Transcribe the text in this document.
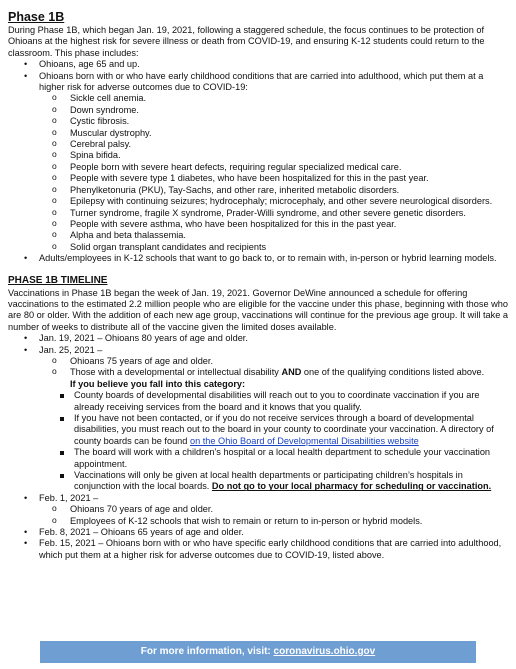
Phase 1B

During Phase 1B, which began Jan. 19, 2021, following a staggered schedule, the focus continues to be protection of Ohioans at the highest risk for severe illness or death from COVID-19, and ensuring K-12 students could return to the classroom. This phase includes:

• Ohioans, age 65 and up.
• Ohioans born with or who have early childhood conditions that are carried into adulthood, which put them at a higher risk for adverse outcomes due to COVID-19:
o Sickle cell anemia.
o Down syndrome.
o Cystic fibrosis.
o Muscular dystrophy.
o Cerebral palsy.
o Spina bifida.
o People born with severe heart defects, requiring regular specialized medical care.
o People with severe type 1 diabetes, who have been hospitalized for this in the past year.
o Phenylketonuria (PKU), Tay-Sachs, and other rare, inherited metabolic disorders.
o Epilepsy with continuing seizures; hydrocephaly; microcephaly, and other severe neurological disorders.
o Turner syndrome, fragile X syndrome, Prader-Willi syndrome, and other severe genetic disorders.
o People with severe asthma, who have been hospitalized for this in the past year.
o Alpha and beta thalassemia.
o Solid organ transplant candidates and recipients
• Adults/employees in K-12 schools that want to go back to, or to remain with, in-person or hybrid learning models.
PHASE 1B TIMELINE

Vaccinations in Phase 1B began the week of Jan. 19, 2021. Governor DeWine announced a schedule for offering vaccinations to the estimated 2.2 million people who are eligible for the vaccine under this phase, beginning with those who are 80 or older. With the addition of each new age group, vaccinations will continue for the previous age group. It will take a number of weeks to distribute all of the vaccine given the limited doses available.

• Jan. 19, 2021 – Ohioans 80 years of age and older.
• Jan. 25, 2021 –
o Ohioans 75 years of age and older.
o Those with a developmental or intellectual disability AND one of the qualifying conditions listed above.
If you believe you fall into this category:
County boards of developmental disabilities will reach out to you to coordinate vaccination if you are already receiving services from the board and it knows that you qualify.
If you have not been contacted, or if you do not receive services through a board of developmental disabilities, you must reach out to the board in your county to coordinate your vaccination. A directory of county boards can be found on the Ohio Board of Developmental Disabilities website
The board will work with a children’s hospital or a local health department to schedule your vaccination appointment.
Vaccinations will only be given at local health departments or participating children’s hospitals in conjunction with the local boards. Do not go to your local pharmacy for scheduling or vaccination.
• Feb. 1, 2021 –
o Ohioans 70 years of age and older.
o Employees of K-12 schools that wish to remain or return to in-person or hybrid models.
• Feb. 8, 2021 – Ohioans 65 years of age and older.
• Feb. 15, 2021 – Ohioans born with or who have specific early childhood conditions that are carried into adulthood, which put them at a higher risk for adverse outcomes due to COVID-19, listed above.
For more information, visit: coronavirus.ohio.gov
